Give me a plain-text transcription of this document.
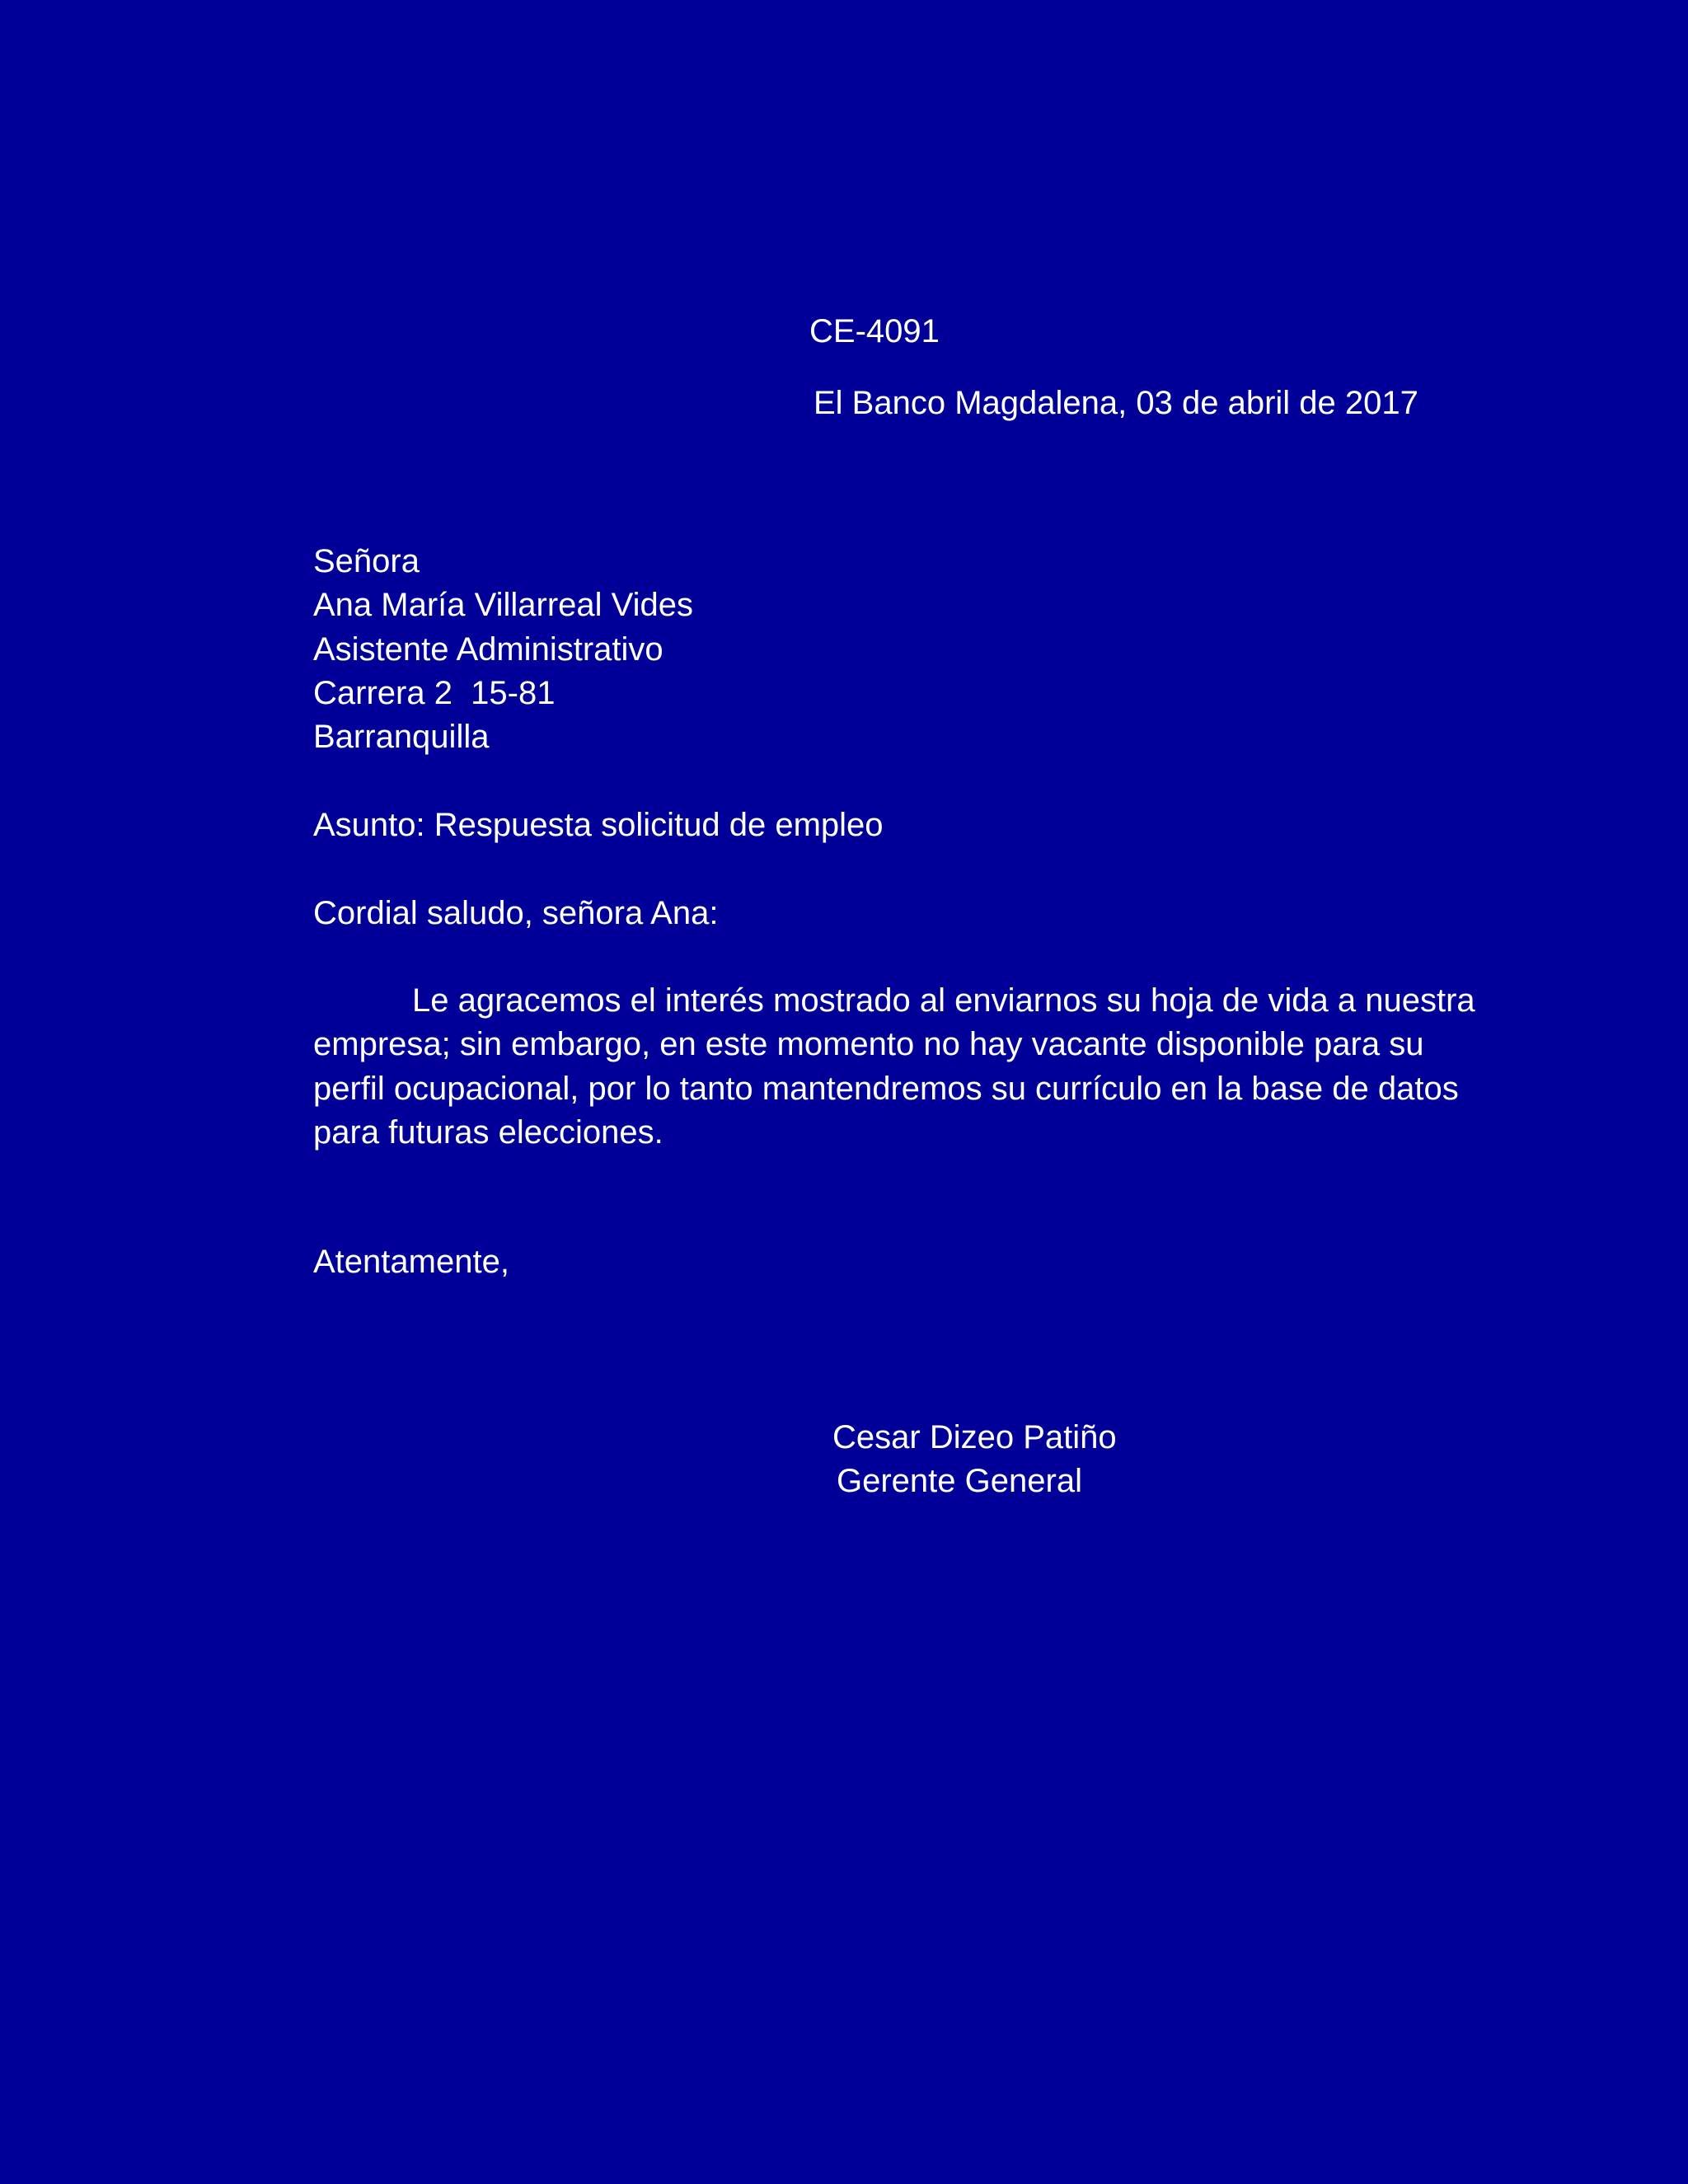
CE-4091

El Banco Magdalena, 03 de abril de 2017

Señora
Ana María Villarreal Vides
Asistente Administrativo
Carrera 2  15-81
Barranquilla

Asunto: Respuesta solicitud de empleo

Cordial saludo, señora Ana:

Le agracemos el interés mostrado al enviarnos su hoja de vida a nuestra empresa; sin embargo, en este momento no hay vacante disponible para su perfil ocupacional, por lo tanto mantendremos su currículo en la base de datos para futuras elecciones.

Atentamente,

Cesar Dizeo Patiño
Gerente General
